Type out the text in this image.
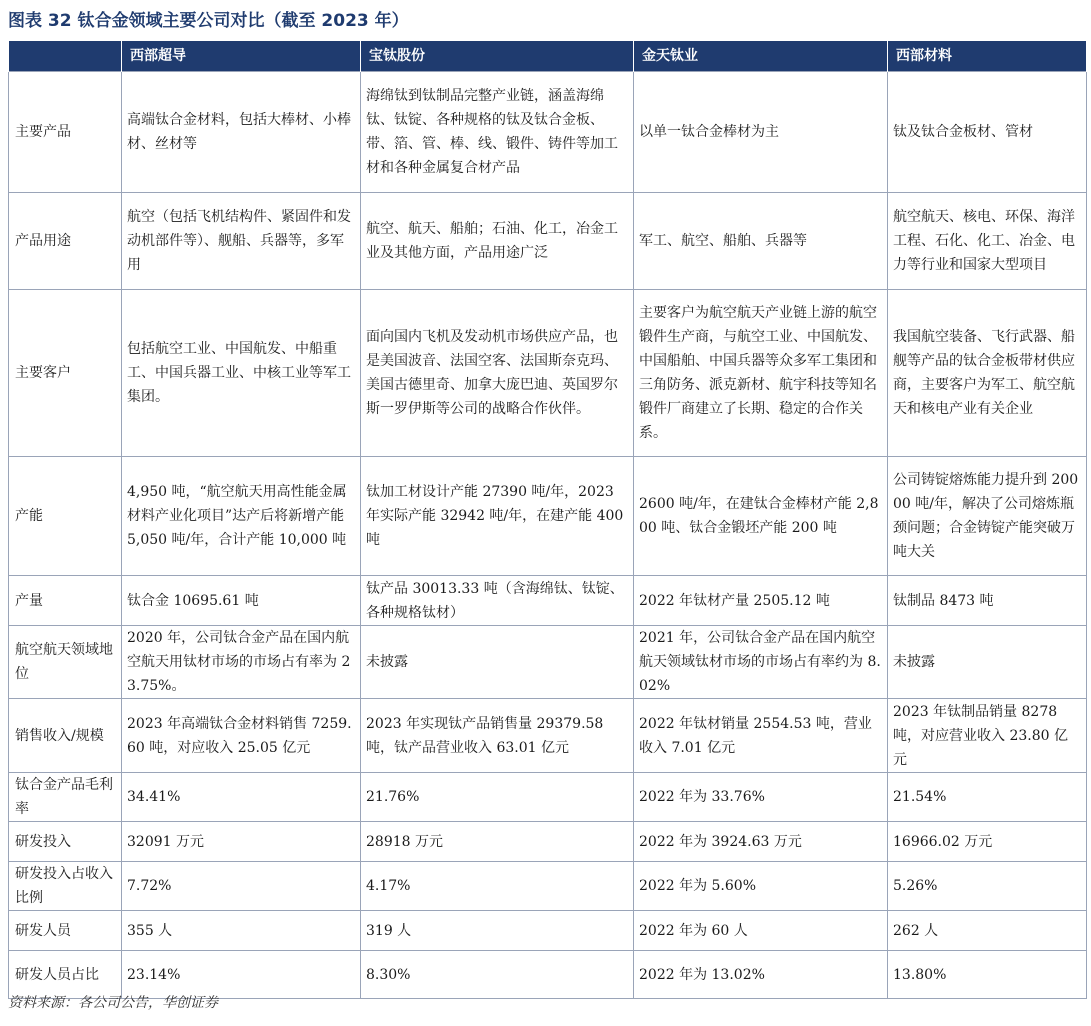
图表 32 钛合金领域主要公司对比（截至 2023 年）
	西部超导	宝钛股份	金天钛业	西部材料
主要产品	高端钛合金材料，包括大棒材、小棒材、丝材等	海绵钛到钛制品完整产业链，涵盖海绵钛、钛锭、各种规格的钛及钛合金板、带、箔、管、棒、线、锻件、铸件等加工材和各种金属复合材产品	以单一钛合金棒材为主	钛及钛合金板材、管材
产品用途	航空（包括飞机结构件、紧固件和发动机部件等）、舰船、兵器等，多军用	航空、航天、船舶；石油、化工，冶金工业及其他方面，产品用途广泛	军工、航空、船舶、兵器等	航空航天、核电、环保、海洋工程、石化、化工、冶金、电力等行业和国家大型项目
主要客户	包括航空工业、中国航发、中船重工、中国兵器工业、中核工业等军工集团。	面向国内飞机及发动机市场供应产品，也是美国波音、法国空客、法国斯奈克玛、美国古德里奇、加拿大庞巴迪、英国罗尔斯一罗伊斯等公司的战略合作伙伴。	主要客户为航空航天产业链上游的航空锻件生产商，与航空工业、中国航发、中国船舶、中国兵器等众多军工集团和三角防务、派克新材、航宇科技等知名锻件厂商建立了长期、稳定的合作关系。	我国航空装备、飞行武器、船舰等产品的钛合金板带材供应商，主要客户为军工、航空航天和核电产业有关企业
产能	4,950 吨，“航空航天用高性能金属材料产业化项目”达产后将新增产能 5,050 吨/年，合计产能 10,000 吨	钛加工材设计产能 27390 吨/年，2023 年实际产能 32942 吨/年，在建产能 400 吨	2600 吨/年，在建钛合金棒材产能 2,800 吨、钛合金锻坯产能 200 吨	公司铸锭熔炼能力提升到 20000 吨/年，解决了公司熔炼瓶颈问题；合金铸锭产能突破万吨大关
产量	钛合金 10695.61 吨	钛产品 30013.33 吨（含海绵钛、钛锭、各种规格钛材）	2022 年钛材产量 2505.12 吨	钛制品 8473 吨
航空航天领域地位	2020 年，公司钛合金产品在国内航空航天用钛材市场的市场占有率为 23.75%。	未披露	2021 年，公司钛合金产品在国内航空航天领域钛材市场的市场占有率约为 8.02%	未披露
销售收入/规模	2023 年高端钛合金材料销售 7259.60 吨，对应收入 25.05 亿元	2023 年实现钛产品销售量 29379.58 吨，钛产品营业收入 63.01 亿元	2022 年钛材销量 2554.53 吨，营业收入 7.01 亿元	2023 年钛制品销量 8278 吨，对应营业收入 23.80 亿元
钛合金产品毛利率	34.41%	21.76%	2022 年为 33.76%	21.54%
研发投入	32091 万元	28918 万元	2022 年为 3924.63 万元	16966.02 万元
研发投入占收入比例	7.72%	4.17%	2022 年为 5.60%	5.26%
研发人员	355 人	319 人	2022 年为 60 人	262 人
研发人员占比	23.14%	8.30%	2022 年为 13.02%	13.80%
资料来源：各公司公告，华创证券
